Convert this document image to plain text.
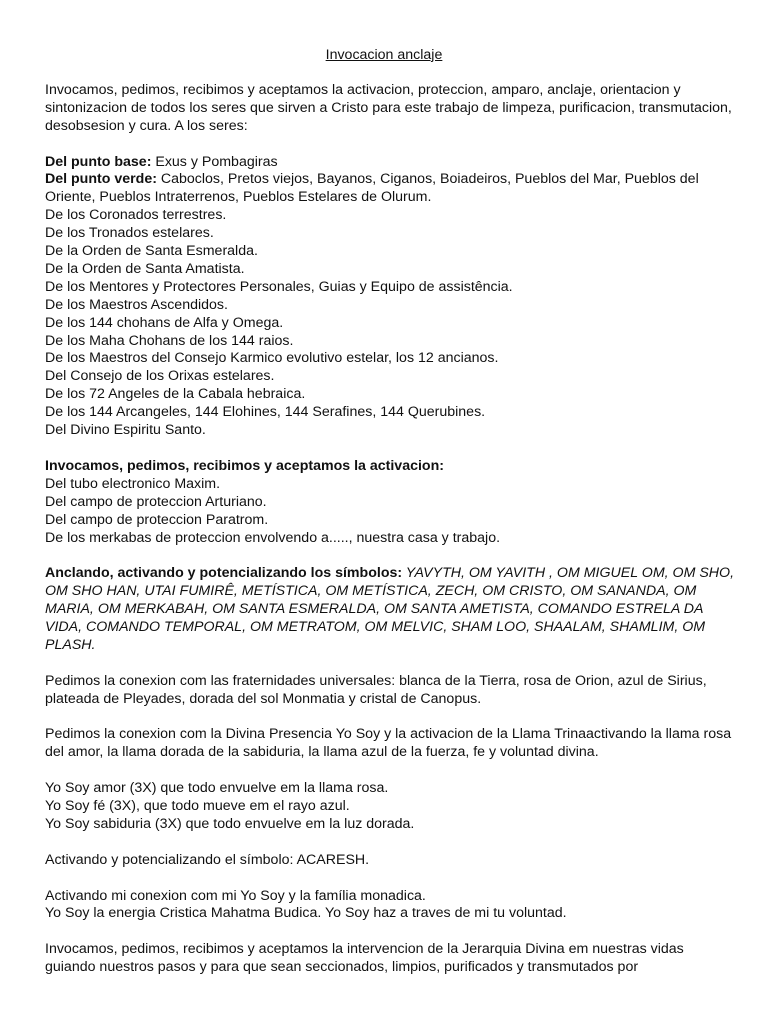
Invocacion anclaje

Invocamos, pedimos, recibimos y aceptamos la activacion, proteccion, amparo, anclaje, orientacion y sintonizacion de todos los seres que sirven a Cristo para este trabajo de limpeza, purificacion, transmutacion, desobsesion y cura. A los seres:

Del punto base: Exus y Pombagiras

Del punto verde: Caboclos, Pretos viejos, Bayanos, Ciganos, Boiadeiros, Pueblos del Mar, Pueblos del Oriente, Pueblos Intraterrenos, Pueblos Estelares de Olurum.

De los Coronados terrestres.

De los Tronados estelares.

De la Orden de Santa Esmeralda.

De la Orden de Santa Amatista.

De los Mentores y Protectores Personales, Guias y Equipo de assistência.

De los Maestros Ascendidos.

De los 144 chohans de Alfa y Omega.

De los Maha Chohans de los 144 raios.

De los Maestros del Consejo Karmico evolutivo estelar, los 12 ancianos.

Del Consejo de los Orixas estelares.

De los 72 Angeles de la Cabala hebraica.

De los 144 Arcangeles, 144 Elohines, 144 Serafines, 144 Querubines.

Del Divino Espiritu Santo.

Invocamos, pedimos, recibimos y aceptamos la activacion:

Del tubo electronico Maxim.

Del campo de proteccion Arturiano.

Del campo de proteccion Paratrom.

De los merkabas de proteccion envolvendo a....., nuestra casa y trabajo.

Anclando, activando y potencializando los símbolos: YAVYTH, OM YAVITH , OM MIGUEL OM, OM SHO, OM SHO HAN, UTAI FUMIRÊ, METÍSTICA, OM METÍSTICA, ZECH, OM CRISTO, OM SANANDA, OM MARIA, OM MERKABAH, OM SANTA ESMERALDA, OM SANTA AMETISTA, COMANDO ESTRELA DA VIDA, COMANDO TEMPORAL, OM METRATOM, OM MELVIC, SHAM LOO, SHAALAM, SHAMLIM, OM PLASH.

Pedimos la conexion com las fraternidades universales: blanca de la Tierra, rosa de Orion, azul de Sirius, plateada de Pleyades, dorada del sol Monmatia y cristal de Canopus.

Pedimos la conexion com la Divina Presencia Yo Soy y la activacion de la Llama Trinaactivando la llama rosa del amor, la llama dorada de la sabiduria, la llama azul de la fuerza, fe y voluntad divina.

Yo Soy amor (3X) que todo envuelve em la llama rosa.

Yo Soy fé (3X), que todo mueve em el rayo azul.

Yo Soy sabiduria (3X) que todo envuelve em la luz dorada.

Activando y potencializando el símbolo: ACARESH.

Activando mi conexion com mi Yo Soy y la família monadica.

Yo Soy la energia Cristica Mahatma Budica. Yo Soy haz a traves de mi tu voluntad.

Invocamos, pedimos, recibimos y aceptamos la intervencion de la Jerarquia Divina em nuestras vidas guiando nuestros pasos y para que sean seccionados, limpios, purificados y transmutados por
